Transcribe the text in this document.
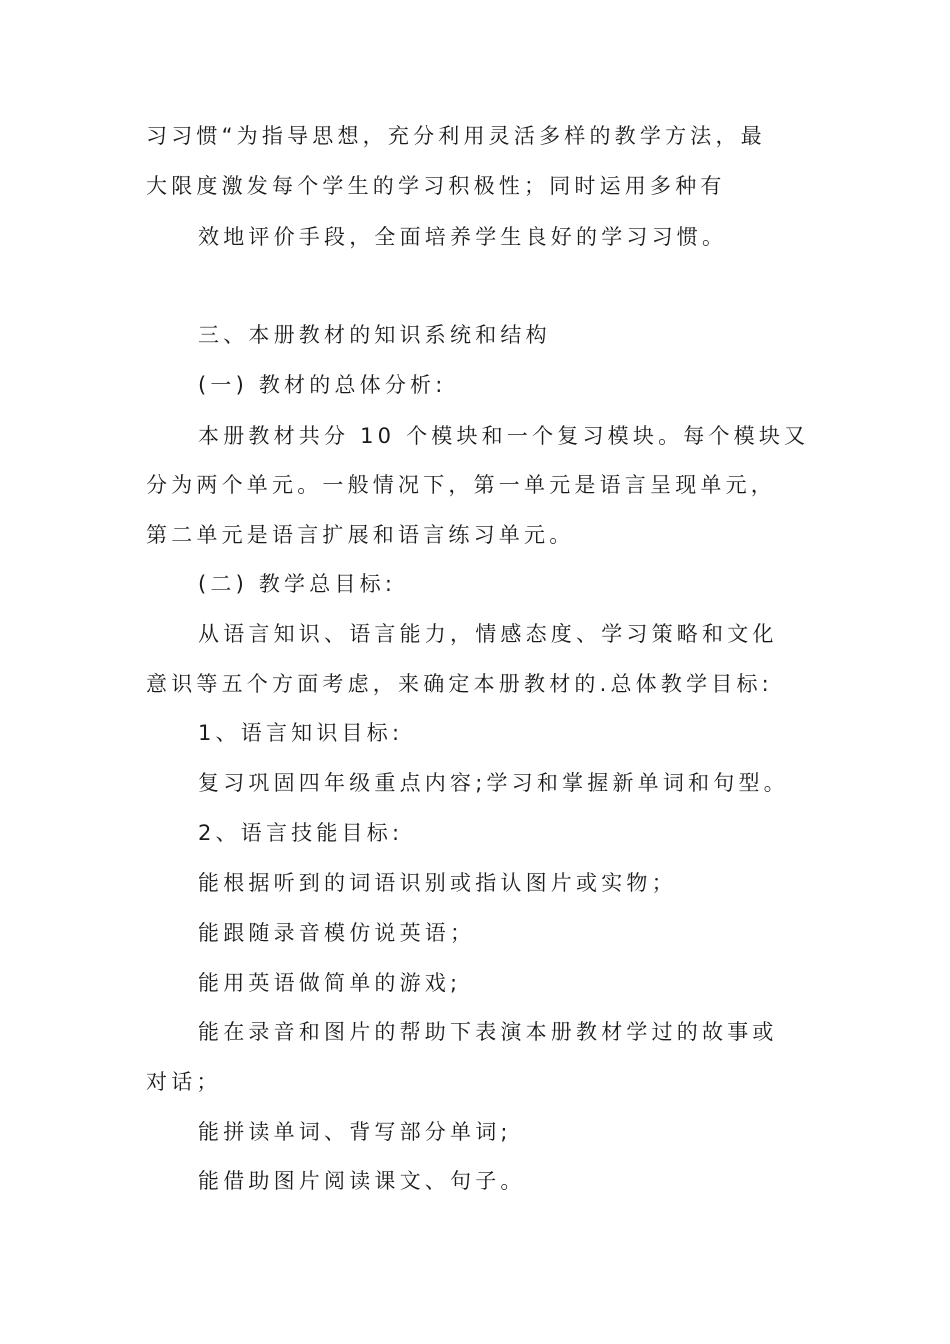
习习惯“为指导思想，充分利用灵活多样的教学方法，最
大限度激发每个学生的学习积极性；同时运用多种有
效地评价手段，全面培养学生良好的学习习惯。
三、本册教材的知识系统和结构
(一) 教材的总体分析:
本册教材共分 10 个模块和一个复习模块。每个模块又
分为两个单元。一般情况下，第一单元是语言呈现单元，
第二单元是语言扩展和语言练习单元。
(二) 教学总目标:
从语言知识、语言能力，情感态度、学习策略和文化
意识等五个方面考虑，来确定本册教材的.总体教学目标:
1、语言知识目标:
复习巩固四年级重点内容;学习和掌握新单词和句型。
2、语言技能目标:
能根据听到的词语识别或指认图片或实物；
能跟随录音模仿说英语；
能用英语做简单的游戏;
能在录音和图片的帮助下表演本册教材学过的故事或
对话；
能拼读单词、背写部分单词;
能借助图片阅读课文、句子。
